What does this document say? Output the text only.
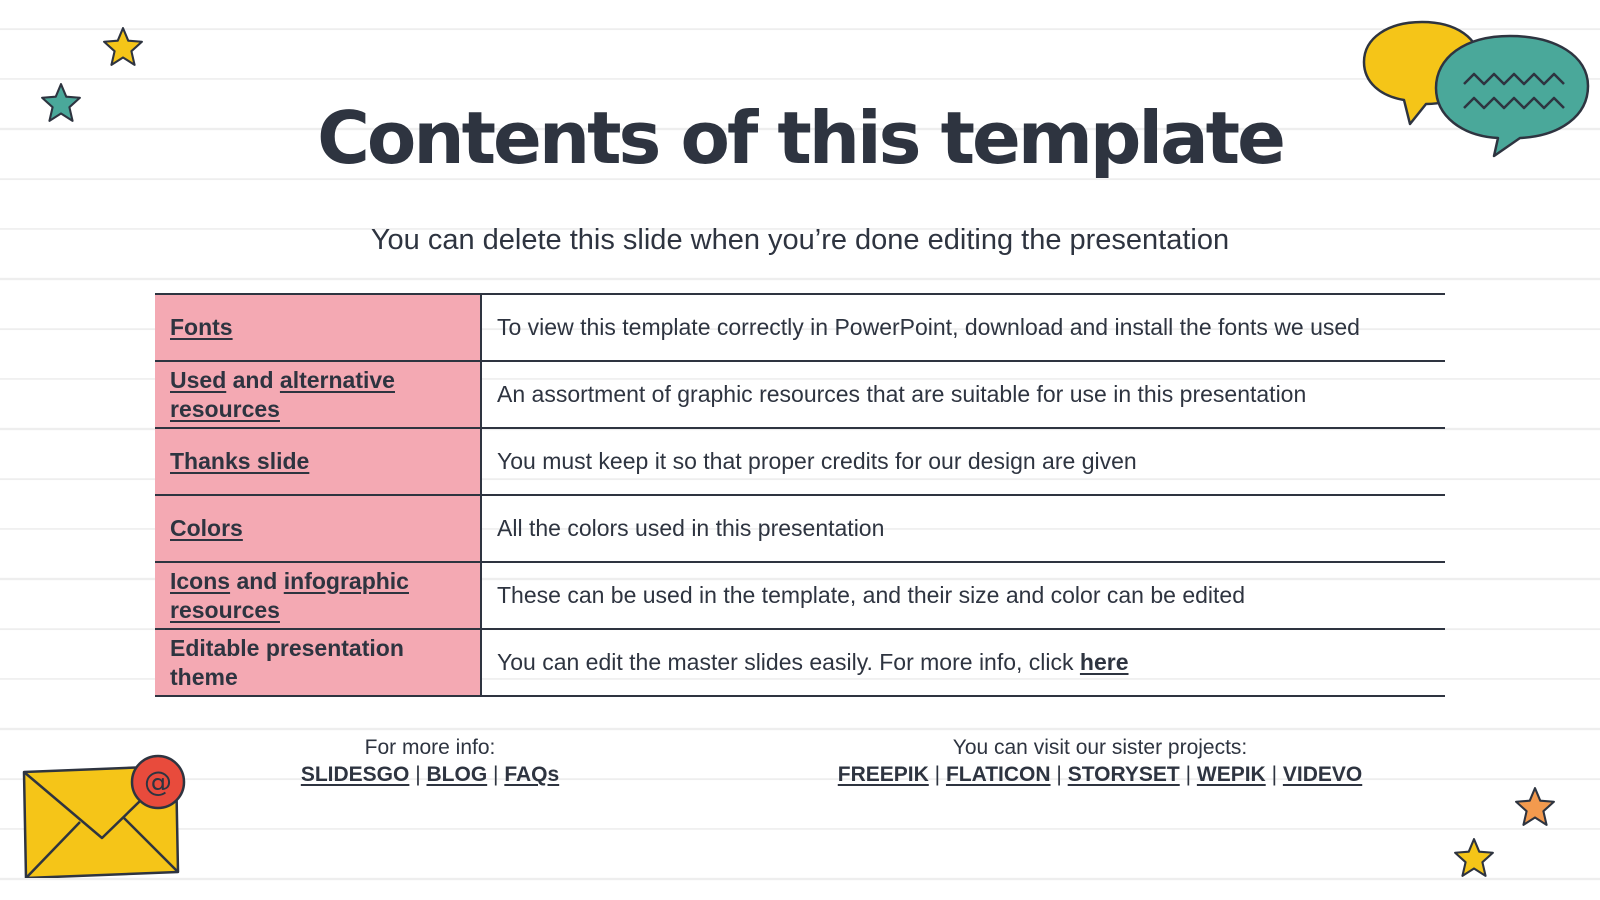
@
Contents of this template

You can delete this slide when you’re done editing the presentation

Fonts	To view this template correctly in PowerPoint, download and install the fonts we used
Used and alternative resources	An assortment of graphic resources that are suitable for use in this presentation
Thanks slide	You must keep it so that proper credits for our design are given
Colors	All the colors used in this presentation
Icons and infographic resources	These can be used in the template, and their size and color can be edited
Editable presentation theme	You can edit the master slides easily. For more info, click here
For more info:
SLIDESGO | BLOG | FAQs
You can visit our sister projects:
FREEPIK | FLATICON | STORYSET | WEPIK | VIDEVO
